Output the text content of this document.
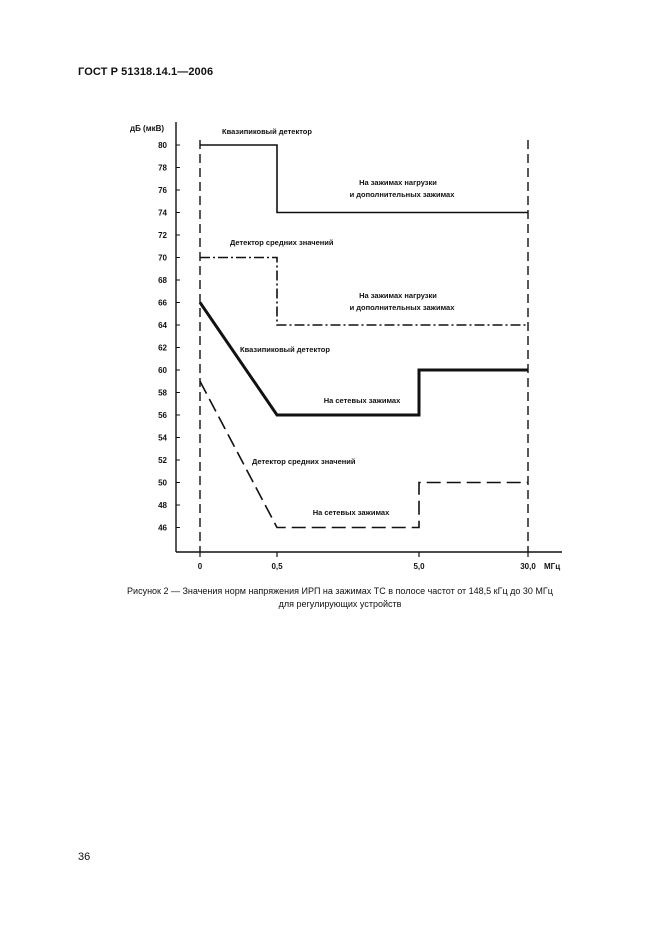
ГОСТ Р 51318.14.1—2006
дБ (мкВ)
46
48
50
52
54
56
58
60
62
64
66
68
70
72
74
76
78
80
0	0,5	5,0	30,0 МГц
Квазипиковый детектор
На зажимах нагрузки
и дополнительных зажимах
Детектор средних значений
На зажимах нагрузки
и дополнительных зажимах
Квазипиковый детектор
На сетевых зажимах
Детектор средних значений
На сетевых зажимах
Рисунок 2 — Значения норм напряжения ИРП на зажимах ТС в полосе частот от 148,5 кГц до 30 МГц
для регулирующих устройств
36
